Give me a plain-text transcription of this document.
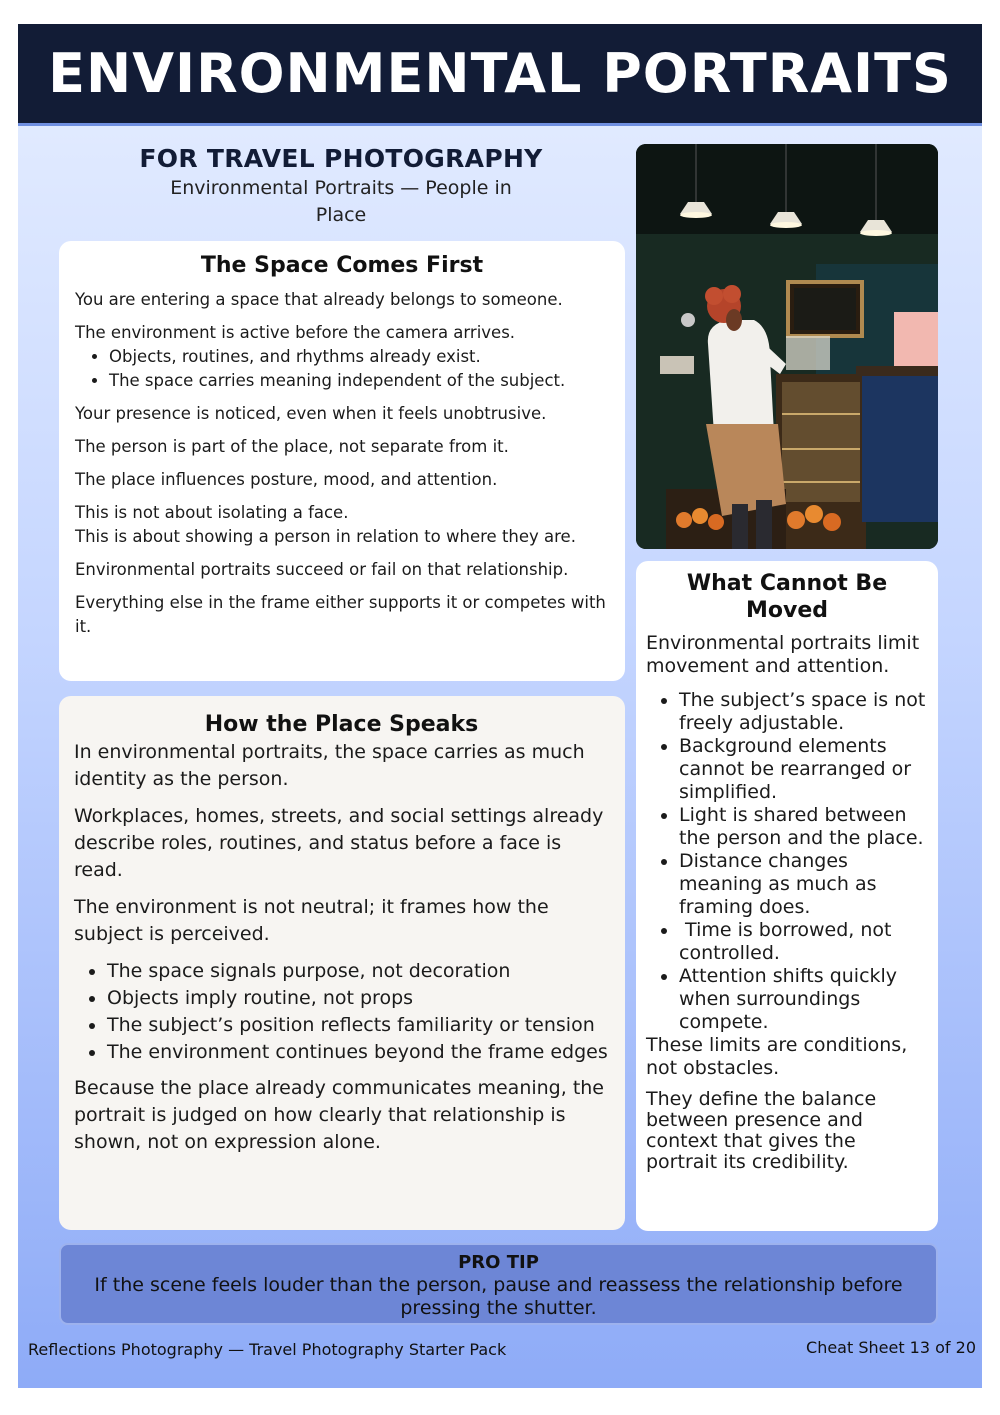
ENVIRONMENTAL PORTRAITS
FOR TRAVEL PHOTOGRAPHY
Environmental Portraits — People in Place
The Space Comes First

You are entering a space that already belongs to someone.

The environment is active before the camera arrives.

• Objects, routines, and rhythms already exist.
• The space carries meaning independent of the subject.

Your presence is noticed, even when it feels unobtrusive.

The person is part of the place, not separate from it.

The place influences posture, mood, and attention.

This is not about isolating a face.

This is about showing a person in relation to where they are.

Environmental portraits succeed or fail on that relationship.

Everything else in the frame either supports it or competes with it.

How the Place Speaks

In environmental portraits, the space carries as much identity as the person.

Workplaces, homes, streets, and social settings already describe roles, routines, and status before a face is read.

The environment is not neutral; it frames how the subject is perceived.

• The space signals purpose, not decoration
• Objects imply routine, not props
• The subject’s position reflects familiarity or tension
• The environment continues beyond the frame edges

Because the place already communicates meaning, the portrait is judged on how clearly that relationship is shown, not on expression alone.

What Cannot Be Moved

Environmental portraits limit movement and attention.

• The subject’s space is not freely adjustable.
• Background elements cannot be rearranged or simplified.
• Light is shared between the person and the place.
• Distance changes meaning as much as framing does.
•  Time is borrowed, not controlled.
• Attention shifts quickly when surroundings compete.

These limits are conditions, not obstacles.

They define the balance between presence and context that gives the portrait its credibility.

PRO TIP
If the scene feels louder than the person, pause and reassess the relationship before pressing the shutter.
Reflections Photography — Travel Photography Starter Pack	Cheat Sheet 13 of 20
